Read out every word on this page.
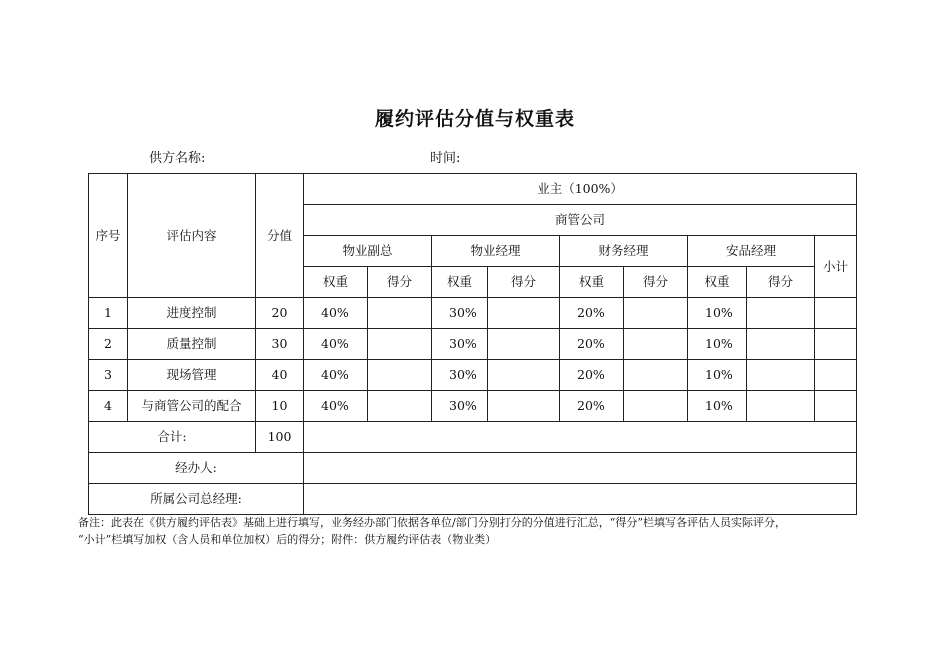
履约评估分值与权重表
供方名称:	时间:
序号	评估内容	分值	业主（100%）								
			商管公司								
			物业副总		物业经理		财务经理		安品经理		小计
			权重	得分	权重	得分	权重	得分	权重	得分	
1	进度控制	20	40%		30%		20%		10%		
2	质量控制	30	40%		30%		20%		10%		
3	现场管理	40	40%		30%		20%		10%		
4	与商管公司的配合	10	40%		30%		20%		10%		
合计:		100									
经办人:											
所属公司总经理:											
备注：此表在《供方履约评估表》基础上进行填写，业务经办部门依据各单位/部门分别打分的分值进行汇总，“得分”栏填写各评估人员实际评分，
“小计”栏填写加权（含人员和单位加权）后的得分；附件：供方履约评估表（物业类）
